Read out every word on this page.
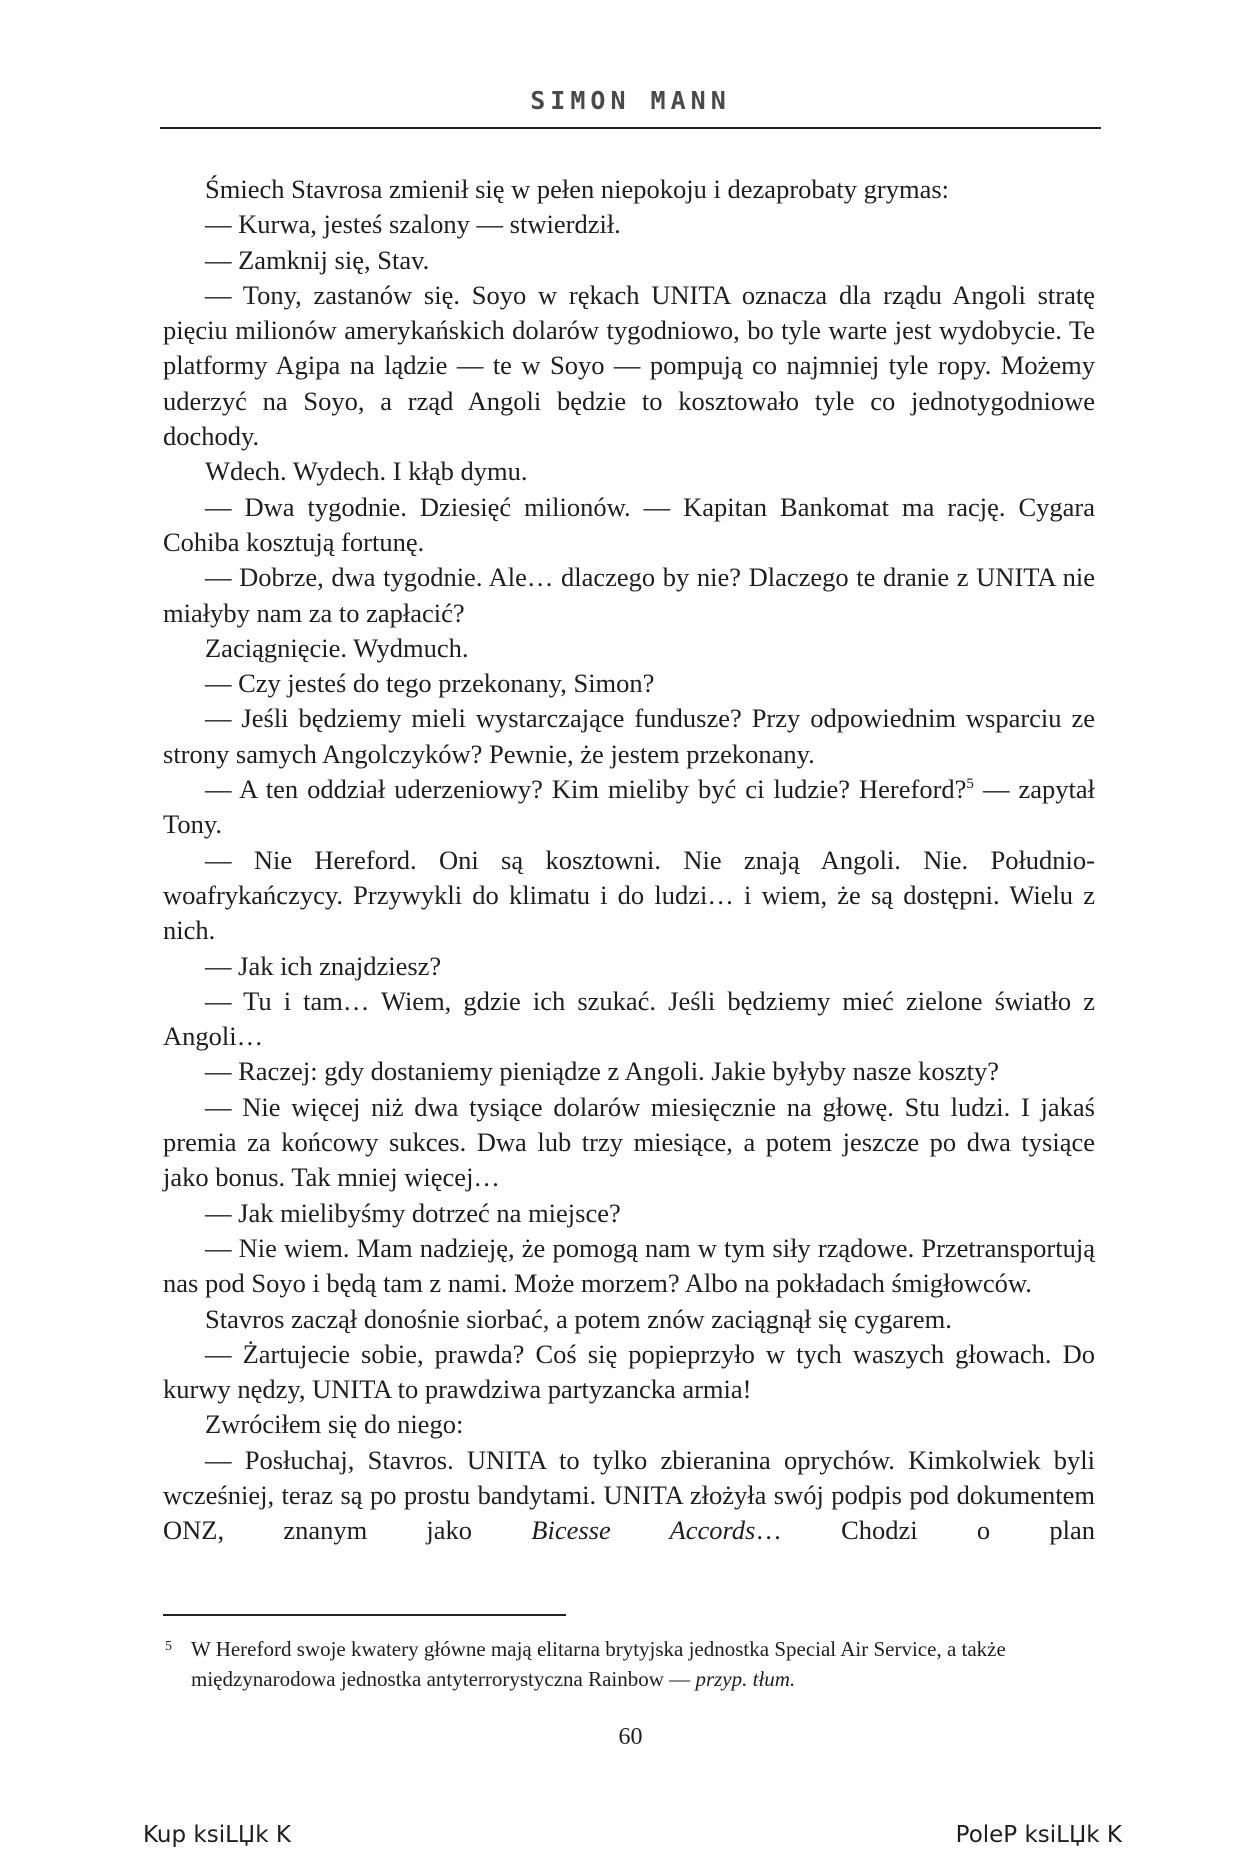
SIMON MANN

Śmiech Stavrosa zmienił się w pełen niepokoju i dezaprobaty grymas:

— Kurwa, jesteś szalony — stwierdził.

— Zamknij się, Stav.

— Tony, zastanów się. Soyo w rękach UNITA oznacza dla rządu Angoli stratę pięciu milionów amerykańskich dolarów tygodniowo, bo tyle warte jest wydobycie. Te platformy Agipa na lądzie — te w Soyo — pompują co najmniej tyle ropy. Możemy uderzyć na Soyo, a rząd Angoli będzie to kosztowało tyle co jednotygodniowe dochody.

Wdech. Wydech. I kłąb dymu.

— Dwa tygodnie. Dziesięć milionów. — Kapitan Bankomat ma rację. Cygara Cohiba kosztują fortunę.

— Dobrze, dwa tygodnie. Ale… dlaczego by nie? Dlaczego te dranie z UNITA nie miałyby nam za to zapłacić?

Zaciągnięcie. Wydmuch.

— Czy jesteś do tego przekonany, Simon?

— Jeśli będziemy mieli wystarczające fundusze? Przy odpowiednim wsparciu ze strony samych Angolczyków? Pewnie, że jestem przekonany.

— A ten oddział uderzeniowy? Kim mieliby być ci ludzie? Hereford?$^5$ — zapytał Tony.

— Nie Hereford. Oni są kosztowni. Nie znają Angoli. Nie. Południowoafrykańczycy. Przywykli do klimatu i do ludzi… i wiem, że są dostępni. Wielu z nich.

— Jak ich znajdziesz?

— Tu i tam… Wiem, gdzie ich szukać. Jeśli będziemy mieć zielone światło z Angoli…

— Raczej: gdy dostaniemy pieniądze z Angoli. Jakie byłyby nasze koszty?

— Nie więcej niż dwa tysiące dolarów miesięcznie na głowę. Stu ludzi. I jakaś premia za końcowy sukces. Dwa lub trzy miesiące, a potem jeszcze po dwa tysiące jako bonus. Tak mniej więcej…

— Jak mielibyśmy dotrzeć na miejsce?

— Nie wiem. Mam nadzieję, że pomogą nam w tym siły rządowe. Przetransportują nas pod Soyo i będą tam z nami. Może morzem? Albo na pokładach śmigłowców.

Stavros zaczął donośnie siorbać, a potem znów zaciągnął się cygarem.

— Żartujecie sobie, prawda? Coś się popieprzyło w tych waszych głowach. Do kurwy nędzy, UNITA to prawdziwa partyzancka armia!

Zwróciłem się do niego:

— Posłuchaj, Stavros. UNITA to tylko zbieranina oprychów. Kimkolwiek byli wcześniej, teraz są po prostu bandytami. UNITA złożyła swój podpis pod dokumentem ONZ, znanym jako Bicesse Accords… Chodzi o plan

5 W Hereford swoje kwatery główne mają elitarna brytyjska jednostka Special Air Service, a także międzynarodowa jednostka antyterrorystyczna Rainbow — przyp. tłum.
60
Kup ksiLЏk K	PoleP ksiLЏk K
